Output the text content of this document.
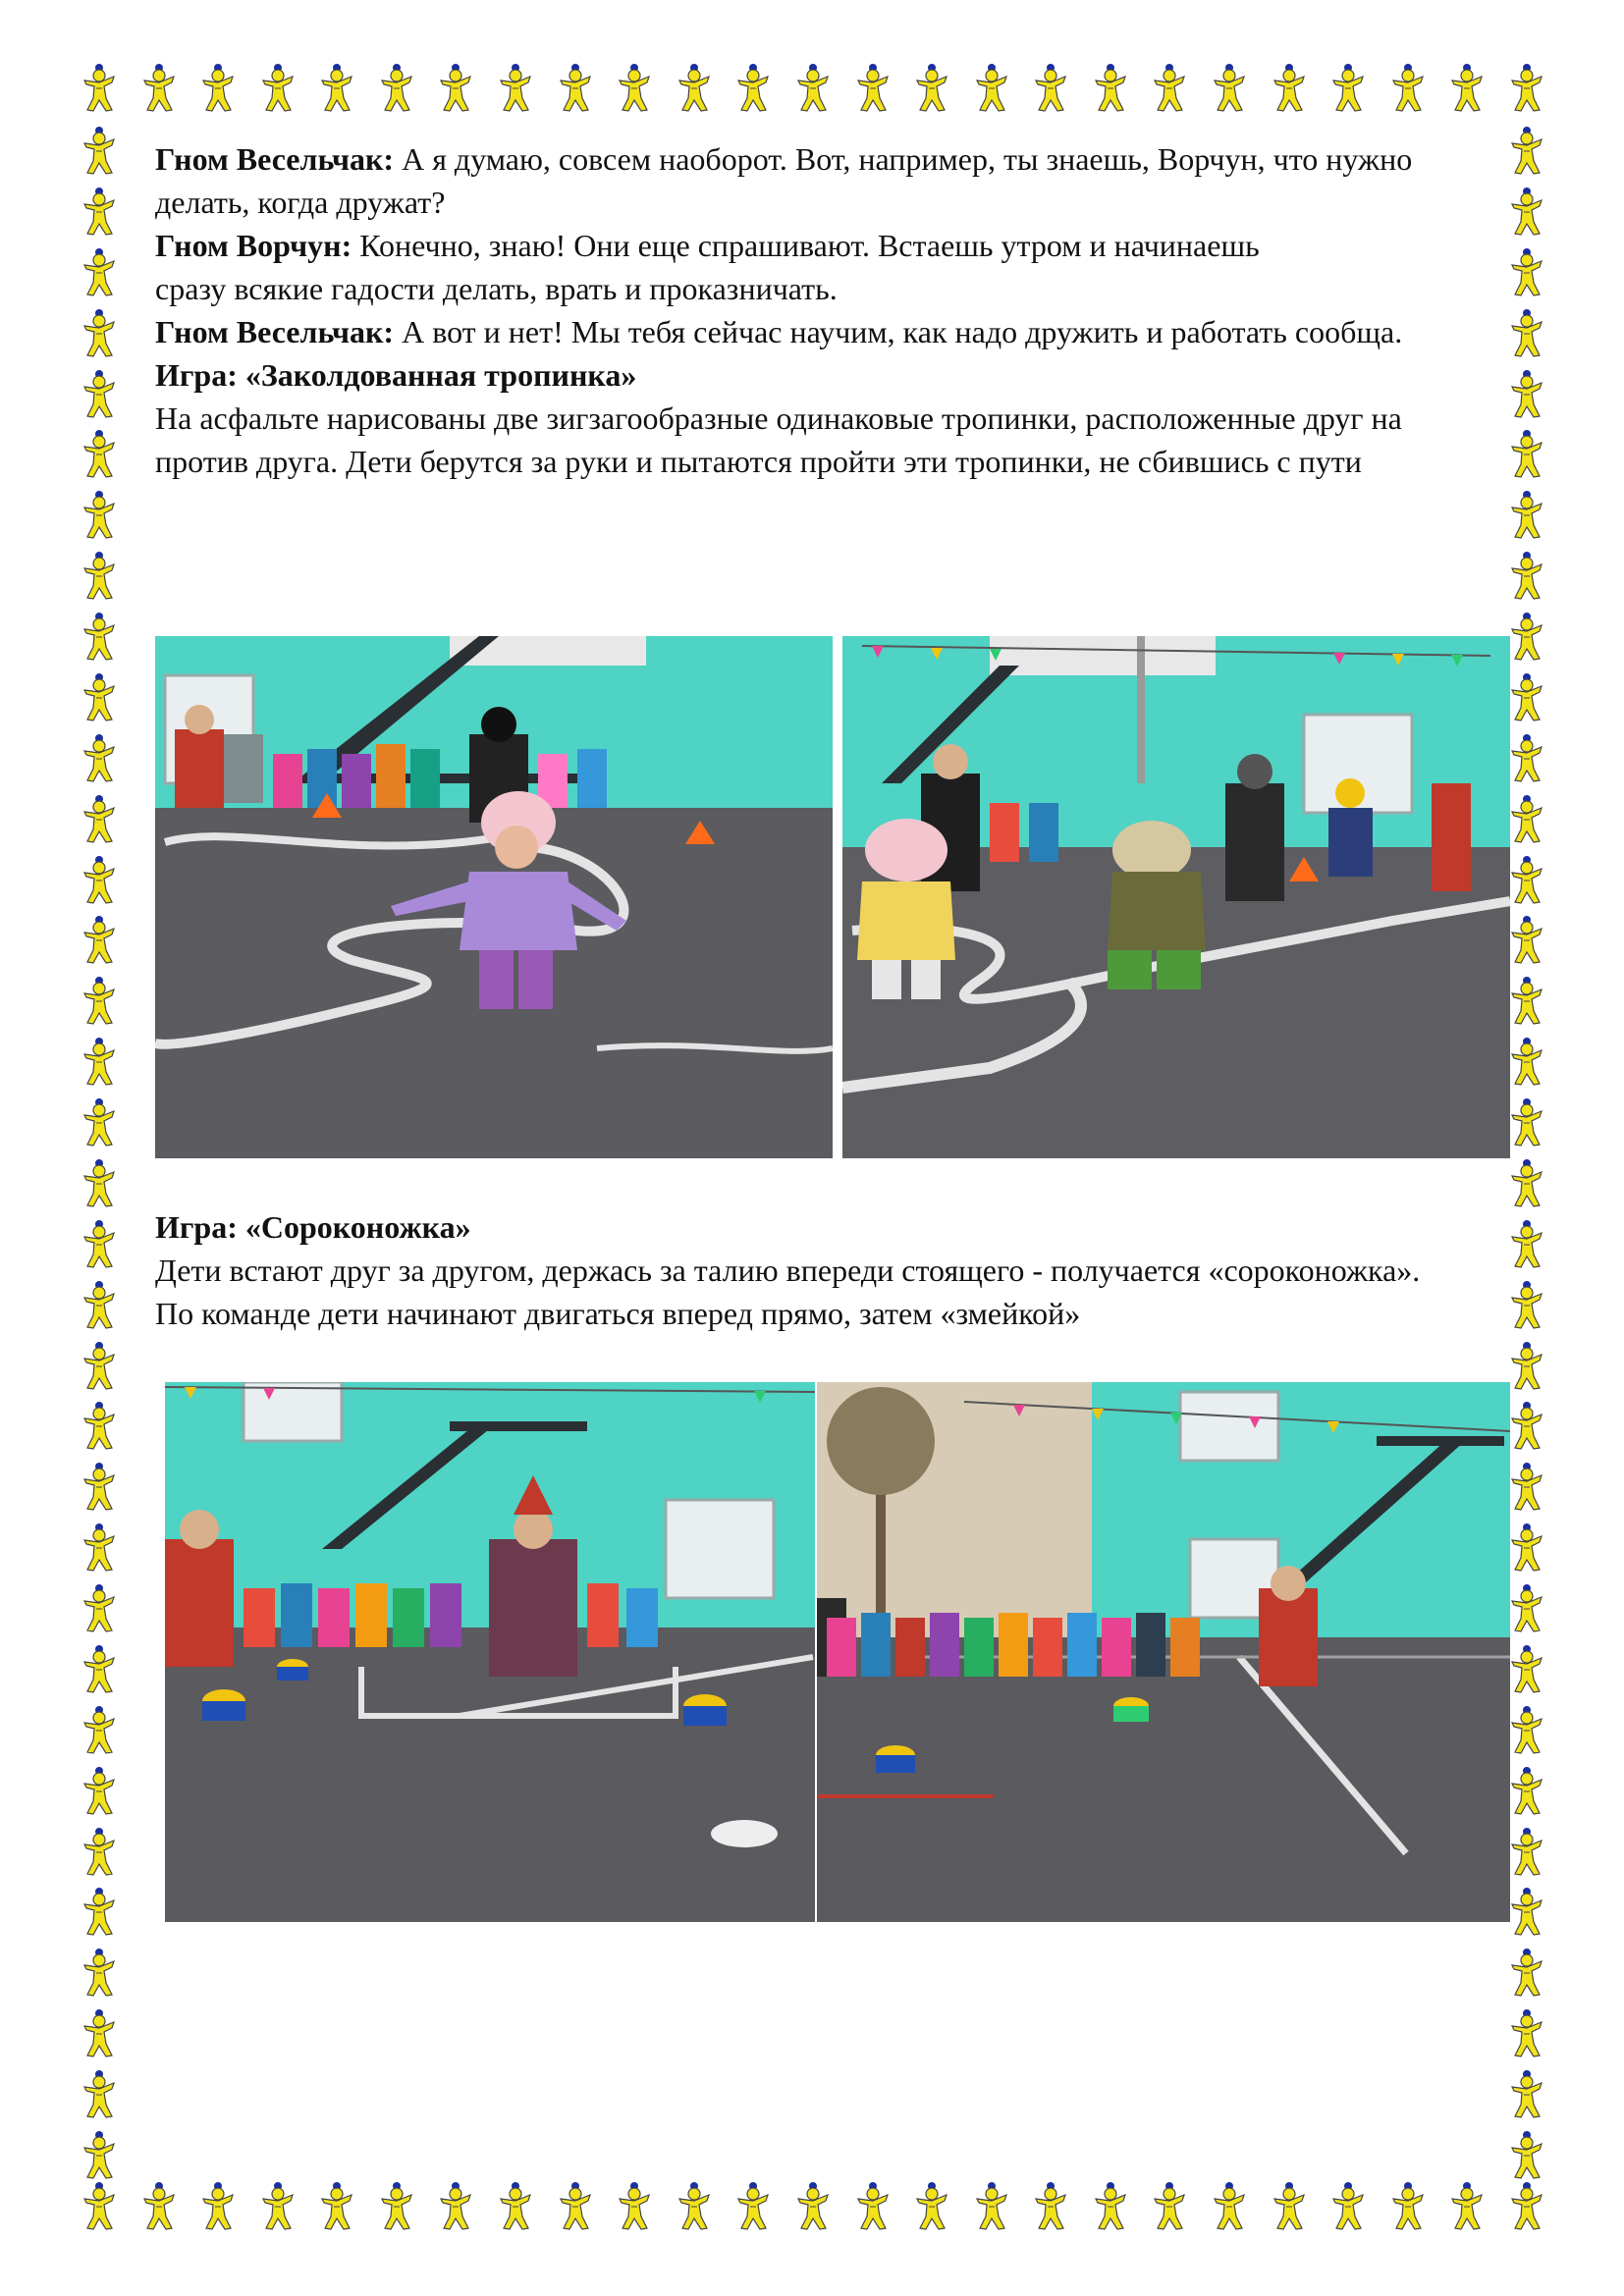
Гном Весельчак: А я думаю, совсем наоборот. Вот, например, ты знаешь, Ворчун, что нужно делать, когда дружат?

Гном Ворчун: Конечно, знаю! Они еще спрашивают. Встаешь утром и начинаешь сразу всякие гадости делать, врать и проказничать.

Гном Весельчак: А вот и нет! Мы тебя сейчас научим, как надо дружить и работать сообща.

Игра: «Заколдованная тропинка»

На асфальте нарисованы две зигзагообразные одинаковые тропинки, расположенные друг на против друга. Дети берутся за руки и пытаются пройти эти тропинки, не сбившись с пути

Игра: «Сороконожка»

Дети встают друг за другом, держась за талию впереди стоящего - получается «сороконожка». По команде дети начинают двигаться вперед прямо, затем «змейкой»
